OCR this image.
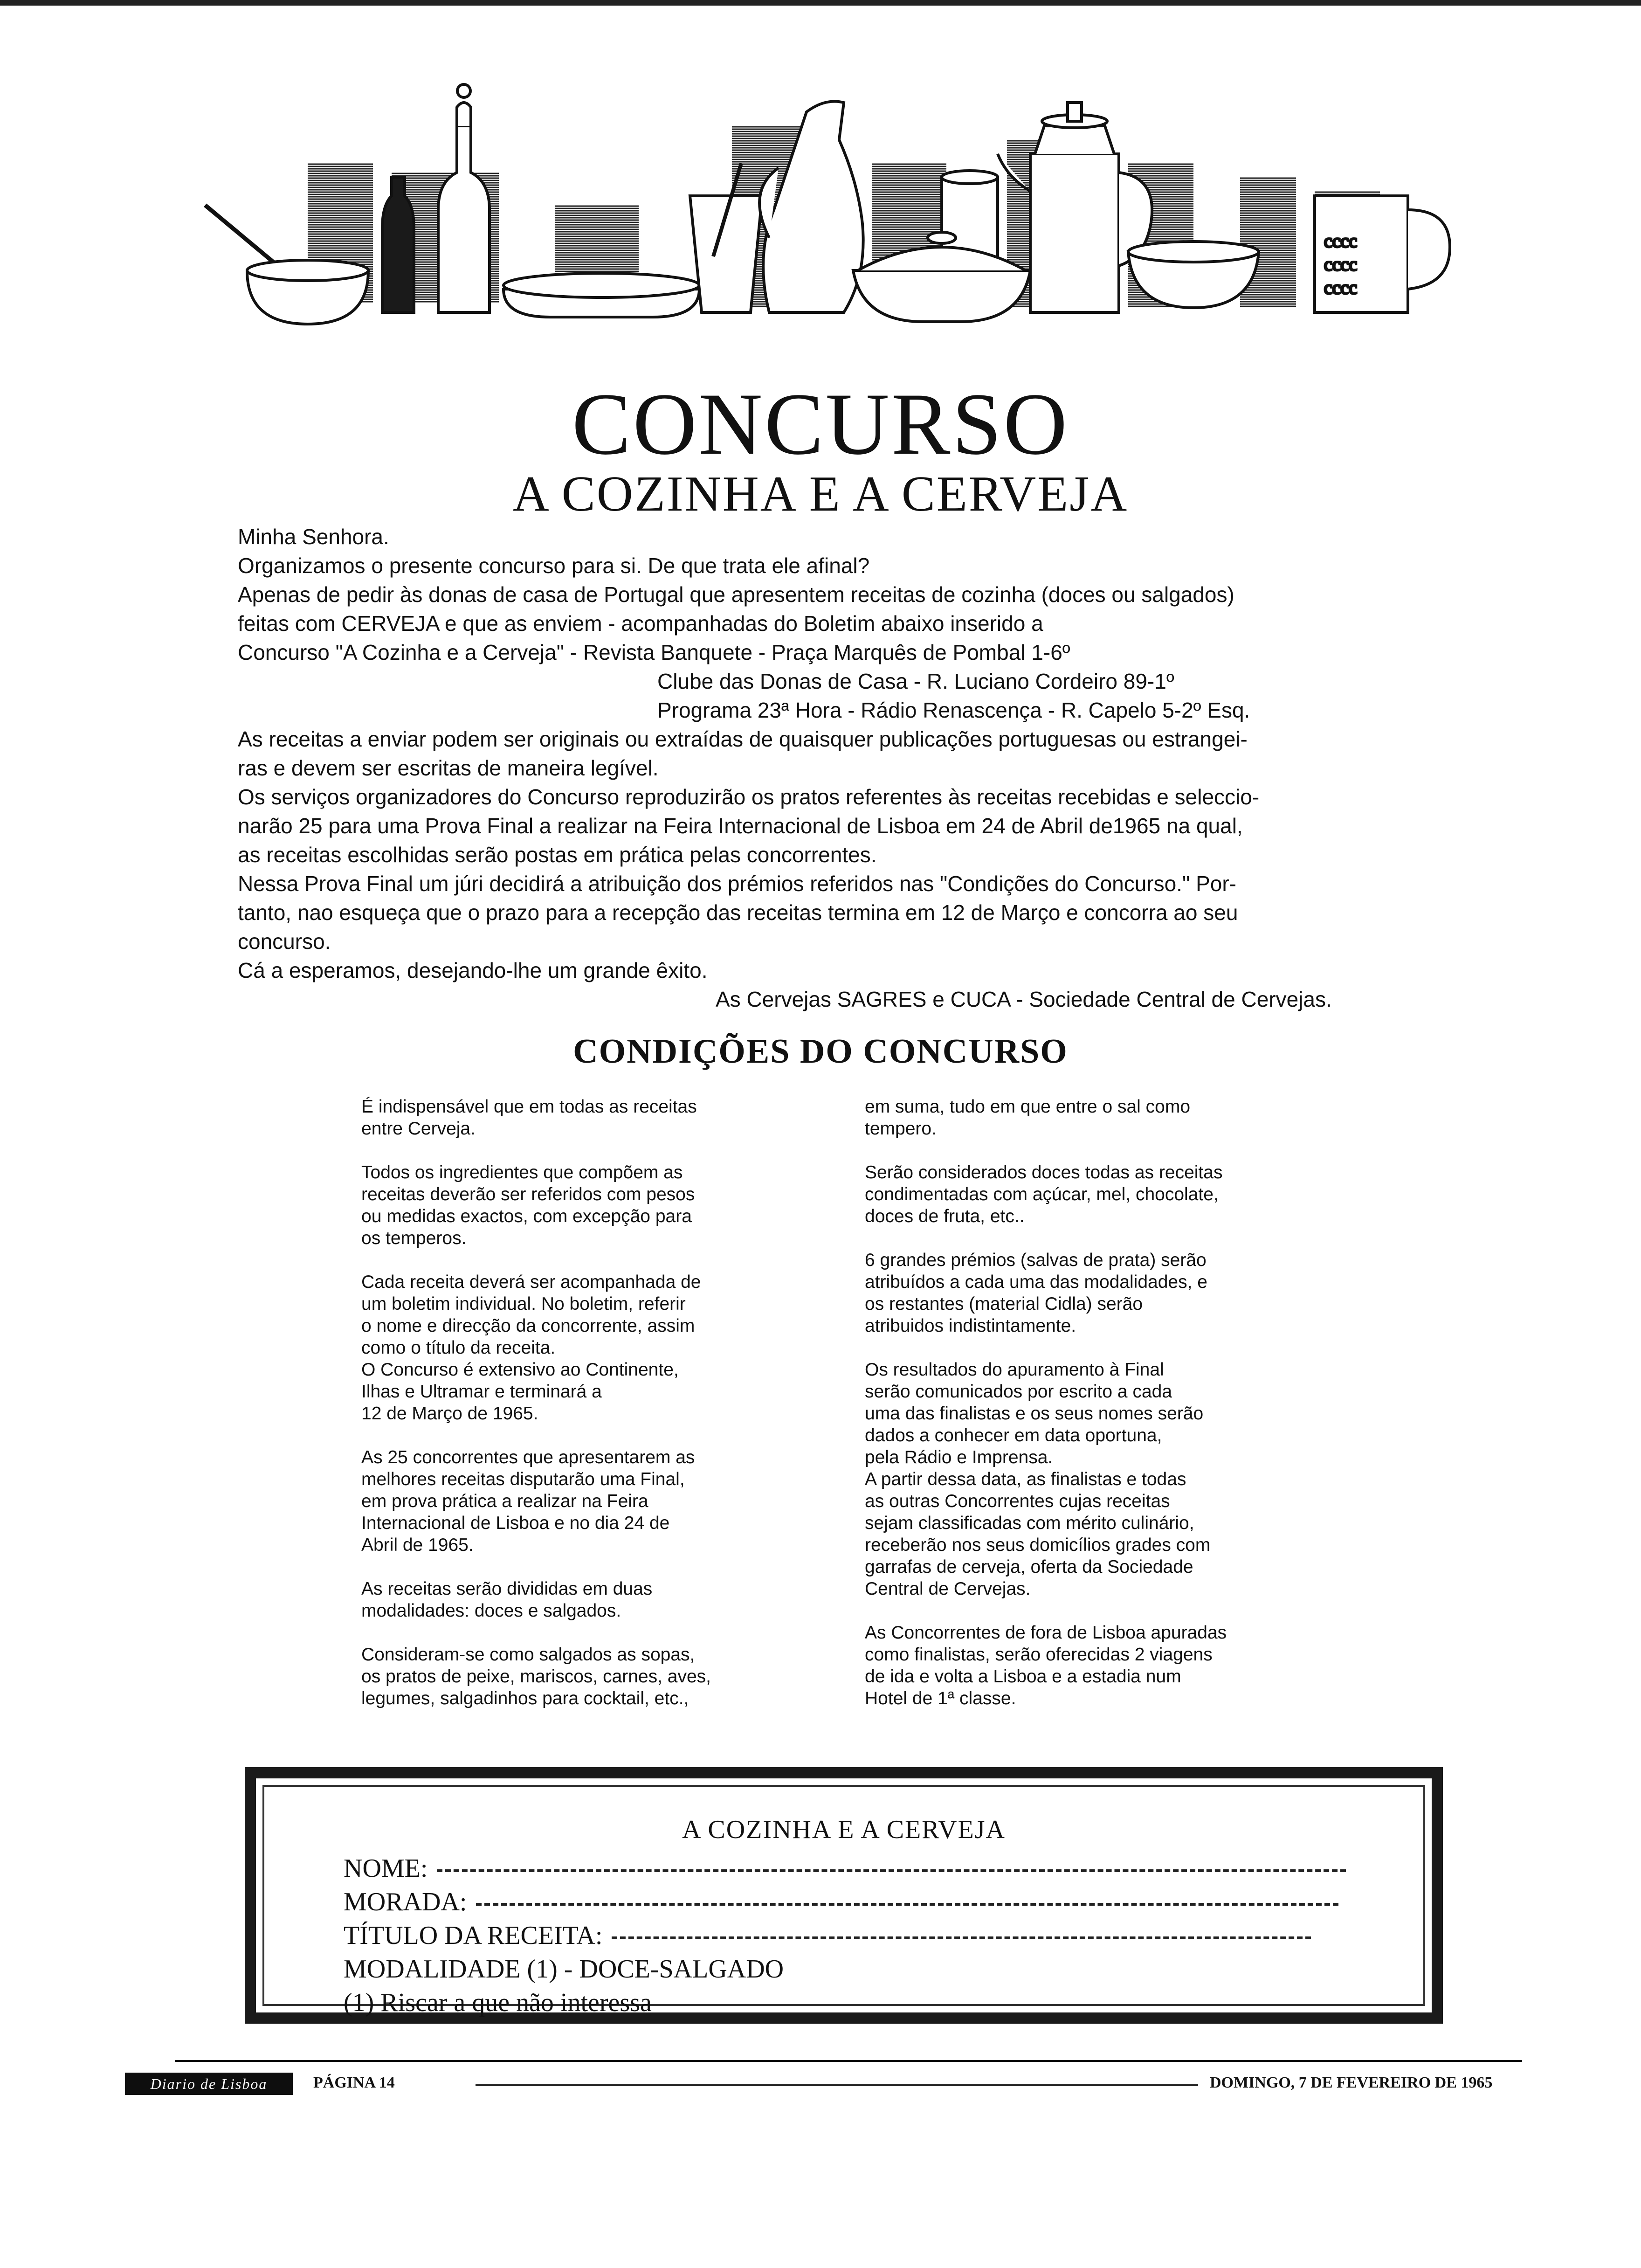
cccc
cccc
cccc
CONCURSO
A COZINHA E A CERVEJA
Minha Senhora.
Organizamos o presente concurso para si. De que trata ele afinal?
Apenas de pedir às donas de casa de Portugal que apresentem receitas de cozinha (doces ou salgados)
feitas com CERVEJA e que as enviem - acompanhadas do Boletim abaixo inserido a
Concurso "A Cozinha e a Cerveja" - Revista Banquete - Praça Marquês de Pombal 1-6º
Clube das Donas de Casa - R. Luciano Cordeiro 89-1º
Programa 23ª Hora - Rádio Renascença - R. Capelo 5-2º Esq.
As receitas a enviar podem ser originais ou extraídas de quaisquer publicações portuguesas ou estrangei-
ras e devem ser escritas de maneira legível.
Os serviços organizadores do Concurso reproduzirão os pratos referentes às receitas recebidas e seleccio-
narão 25 para uma Prova Final a realizar na Feira Internacional de Lisboa em 24 de Abril de1965 na qual,
as receitas escolhidas serão postas em prática pelas concorrentes.
Nessa Prova Final um júri decidirá a atribuição dos prémios referidos nas "Condições do Concurso." Por-
tanto, nao esqueça que o prazo para a recepção das receitas termina em 12 de Março e concorra ao seu
concurso.
Cá a esperamos, desejando-lhe um grande êxito.
As Cervejas SAGRES e CUCA - Sociedade Central de Cervejas.
CONDIÇÕES DO CONCURSO

É indispensável que em todas as receitas
entre Cerveja.

Todos os ingredientes que compõem as
receitas deverão ser referidos com pesos
ou medidas exactos, com excepção para
os temperos.

Cada receita deverá ser acompanhada de
um boletim individual. No boletim, referir
o nome e direcção da concorrente, assim
como o título da receita.
O Concurso é extensivo ao Continente,
Ilhas e Ultramar e terminará a
12 de Março de 1965.

As 25 concorrentes que apresentarem as
melhores receitas disputarão uma Final,
em prova prática a realizar na Feira
Internacional de Lisboa e no dia 24 de
Abril de 1965.

As receitas serão divididas em duas
modalidades: doces e salgados.

Consideram-se como salgados as sopas,
os pratos de peixe, mariscos, carnes, aves,
legumes, salgadinhos para cocktail, etc.,

em suma, tudo em que entre o sal como
tempero.

Serão considerados doces todas as receitas
condimentadas com açúcar, mel, chocolate,
doces de fruta, etc..

6 grandes prémios (salvas de prata) serão
atribuídos a cada uma das modalidades, e
os restantes (material Cidla) serão
atribuidos indistintamente.

Os resultados do apuramento à Final
serão comunicados por escrito a cada
uma das finalistas e os seus nomes serão
dados a conhecer em data oportuna,
pela Rádio e Imprensa.
A partir dessa data, as finalistas e todas
as outras Concorrentes cujas receitas
sejam classificadas com mérito culinário,
receberão nos seus domicílios grades com
garrafas de cerveja, oferta da Sociedade
Central de Cervejas.

As Concorrentes de fora de Lisboa apuradas
como finalistas, serão oferecidas 2 viagens
de ida e volta a Lisboa e a estadia num
Hotel de 1ª classe.

A COZINHA E A CERVEJA
NOME:
MORADA:
TÍTULO DA RECEITA:
MODALIDADE (1) - DOCE-SALGADO
(1) Riscar a que não interessa
Diario de Lisboa	PÁGINA 14	DOMINGO, 7 DE FEVEREIRO DE 1965
